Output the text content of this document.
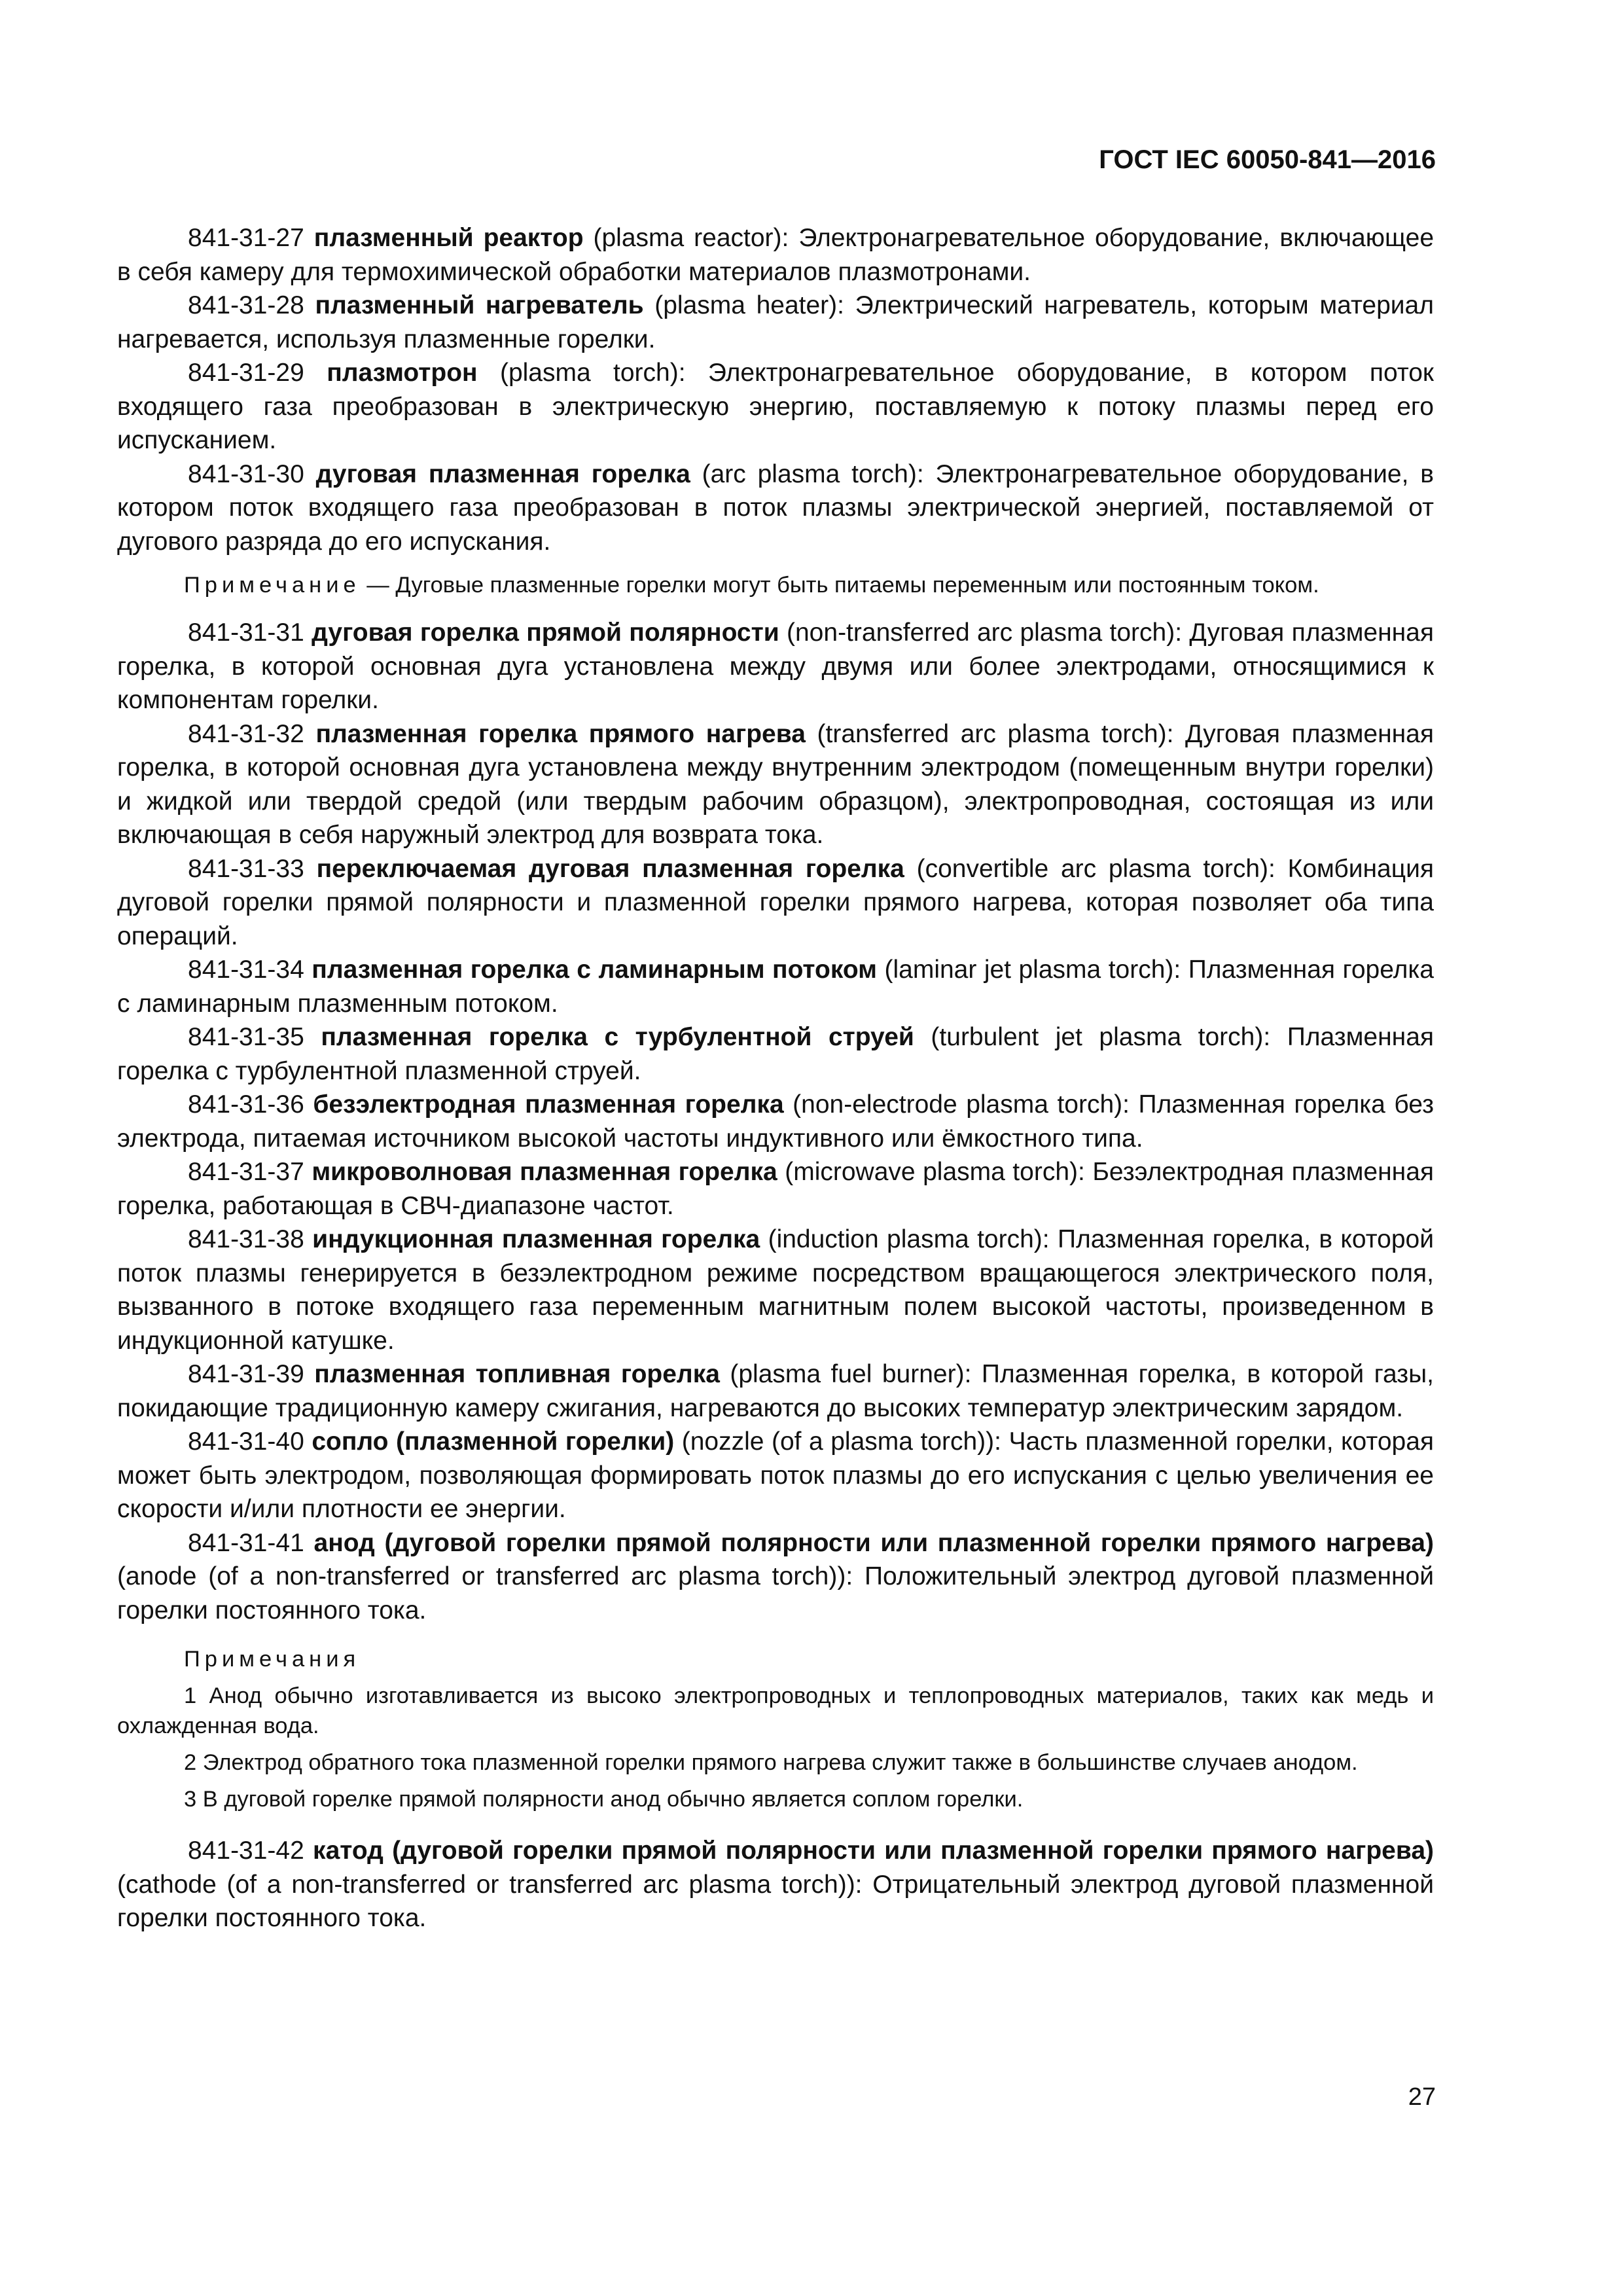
ГОСТ IEC 60050-841—2016

841-31-27 плазменный реактор (plasma reactor): Электронагревательное оборудование, включающее в себя камеру для термохимической обработки материалов плазмотронами.

841-31-28 плазменный нагреватель (plasma heater): Электрический нагреватель, которым материал нагревается, используя плазменные горелки.

841-31-29 плазмотрон (plasma torch): Электронагревательное оборудование, в котором поток входящего газа преобразован в электрическую энергию, поставляемую к потоку плазмы перед его испусканием.

841-31-30 дуговая плазменная горелка (arc plasma torch): Электронагревательное оборудование, в котором поток входящего газа преобразован в поток плазмы электрической энергией, поставляемой от дугового разряда до его испускания.

Примечание — Дуговые плазменные горелки могут быть питаемы переменным или постоянным током.

841-31-31 дуговая горелка прямой полярности (non-transferred arc plasma torch): Дуговая плазменная горелка, в которой основная дуга установлена между двумя или более электродами, относящимися к компонентам горелки.

841-31-32 плазменная горелка прямого нагрева (transferred arc plasma torch): Дуговая плазменная горелка, в которой основная дуга установлена между внутренним электродом (помещенным внутри горелки) и жидкой или твердой средой (или твердым рабочим образцом), электропроводная, состоящая из или включающая в себя наружный электрод для возврата тока.

841-31-33 переключаемая дуговая плазменная горелка (convertible arc plasma torch): Комбинация дуговой горелки прямой полярности и плазменной горелки прямого нагрева, которая позволяет оба типа операций.

841-31-34 плазменная горелка с ламинарным потоком (laminar jet plasma torch): Плазменная горелка с ламинарным плазменным потоком.

841-31-35 плазменная горелка с турбулентной струей (turbulent jet plasma torch): Плазменная горелка с турбулентной плазменной струей.

841-31-36 безэлектродная плазменная горелка (non-electrode plasma torch): Плазменная горелка без электрода, питаемая источником высокой частоты индуктивного или ёмкостного типа.

841-31-37 микроволновая плазменная горелка (microwave plasma torch): Безэлектродная плазменная горелка, работающая в СВЧ-диапазоне частот.

841-31-38 индукционная плазменная горелка (induction plasma torch): Плазменная горелка, в которой поток плазмы генерируется в безэлектродном режиме посредством вращающегося электрического поля, вызванного в потоке входящего газа переменным магнитным полем высокой частоты, произведенном в индукционной катушке.

841-31-39 плазменная топливная горелка (plasma fuel burner): Плазменная горелка, в которой газы, покидающие традиционную камеру сжигания, нагреваются до высоких температур электрическим зарядом.

841-31-40 сопло (плазменной горелки) (nozzle (of a plasma torch)): Часть плазменной горелки, которая может быть электродом, позволяющая формировать поток плазмы до его испускания с целью увеличения ее скорости и/или плотности ее энергии.

841-31-41 анод (дуговой горелки прямой полярности или плазменной горелки прямого нагрева) (anode (of a non-transferred or transferred arc plasma torch)): Положительный электрод дуговой плазменной горелки постоянного тока.

Примечания

1 Анод обычно изготавливается из высоко электропроводных и теплопроводных материалов, таких как медь и охлажденная вода.

2 Электрод обратного тока плазменной горелки прямого нагрева служит также в большинстве случаев анодом.

3 В дуговой горелке прямой полярности анод обычно является соплом горелки.

841-31-42 катод (дуговой горелки прямой полярности или плазменной горелки прямого нагрева) (cathode (of a non-transferred or transferred arc plasma torch)): Отрицательный электрод дуговой плазменной горелки постоянного тока.

27
